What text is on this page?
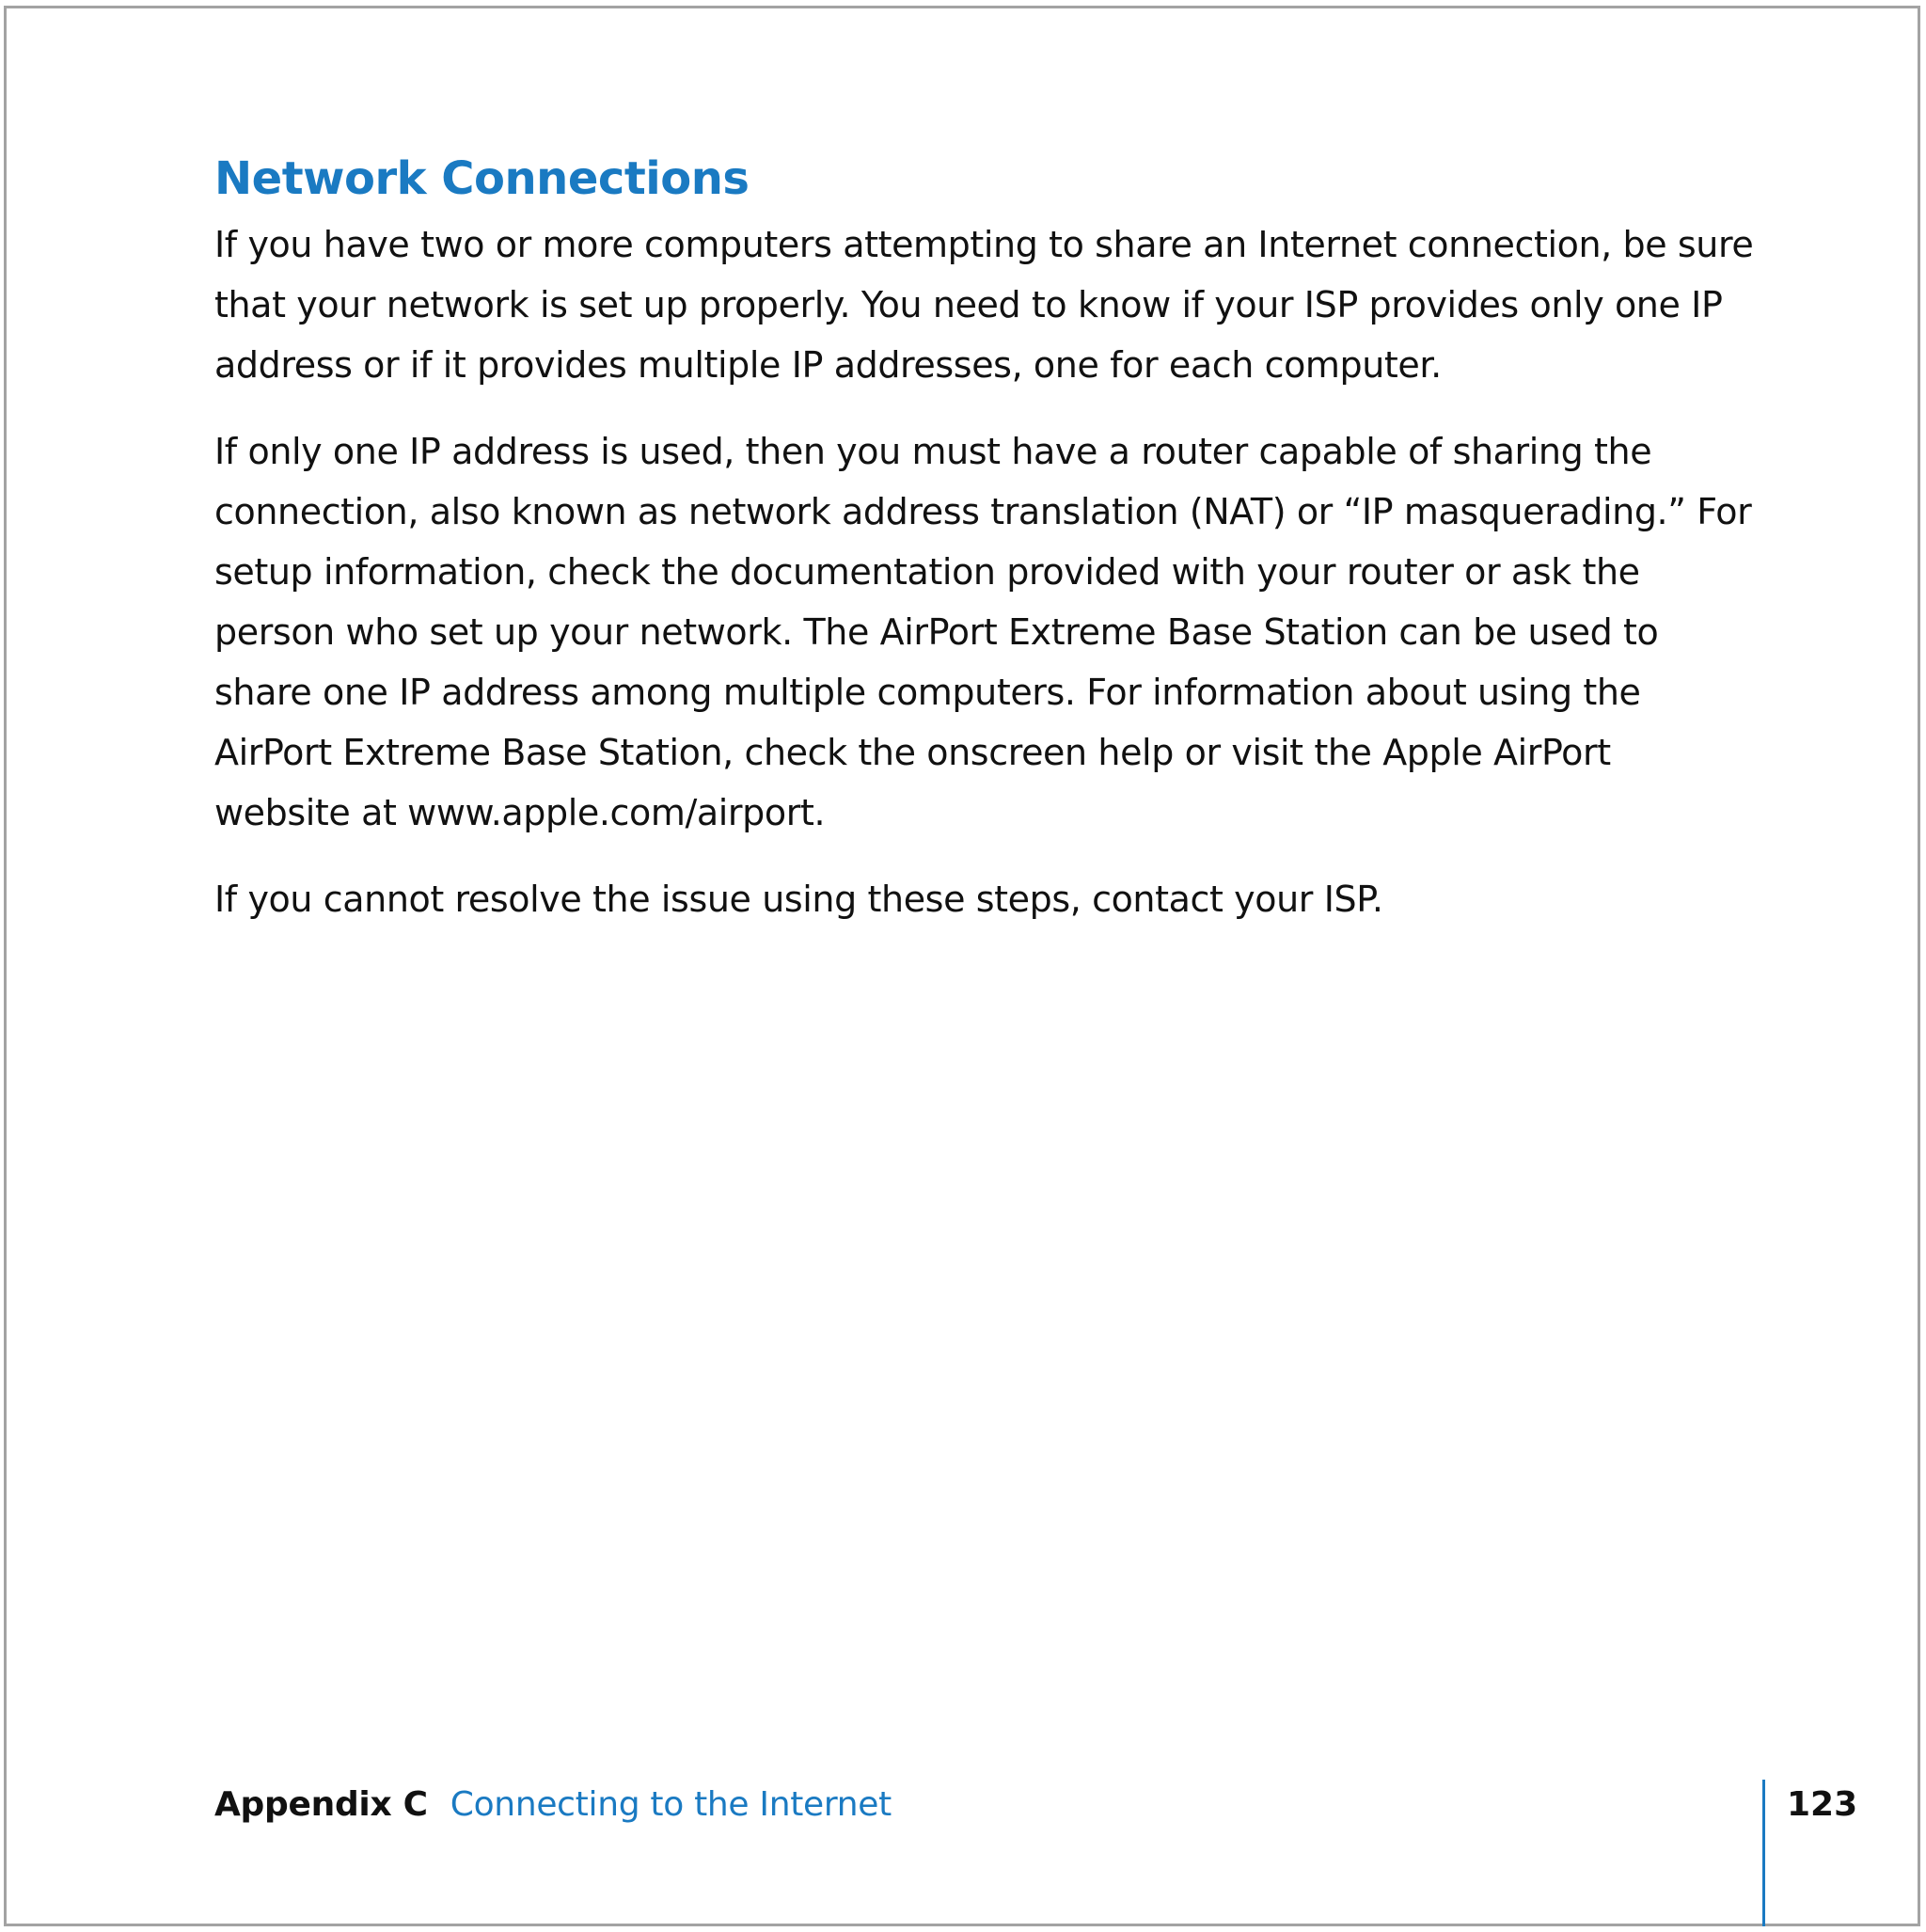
Network Connections

If you have two or more computers attempting to share an Internet connection, be sure that your network is set up properly. You need to know if your ISP provides only one IP address or if it provides multiple IP addresses, one for each computer.

If only one IP address is used, then you must have a router capable of sharing the connection, also known as network address translation (NAT) or “IP masquerading.” For setup information, check the documentation provided with your router or ask the person who set up your network. The AirPort Extreme Base Station can be used to share one IP address among multiple computers. For information about using the AirPort Extreme Base Station, check the onscreen help or visit the Apple AirPort website at www.apple.com/airport.

If you cannot resolve the issue using these steps, contact your ISP.

Appendix C Connecting to the Internet	123
